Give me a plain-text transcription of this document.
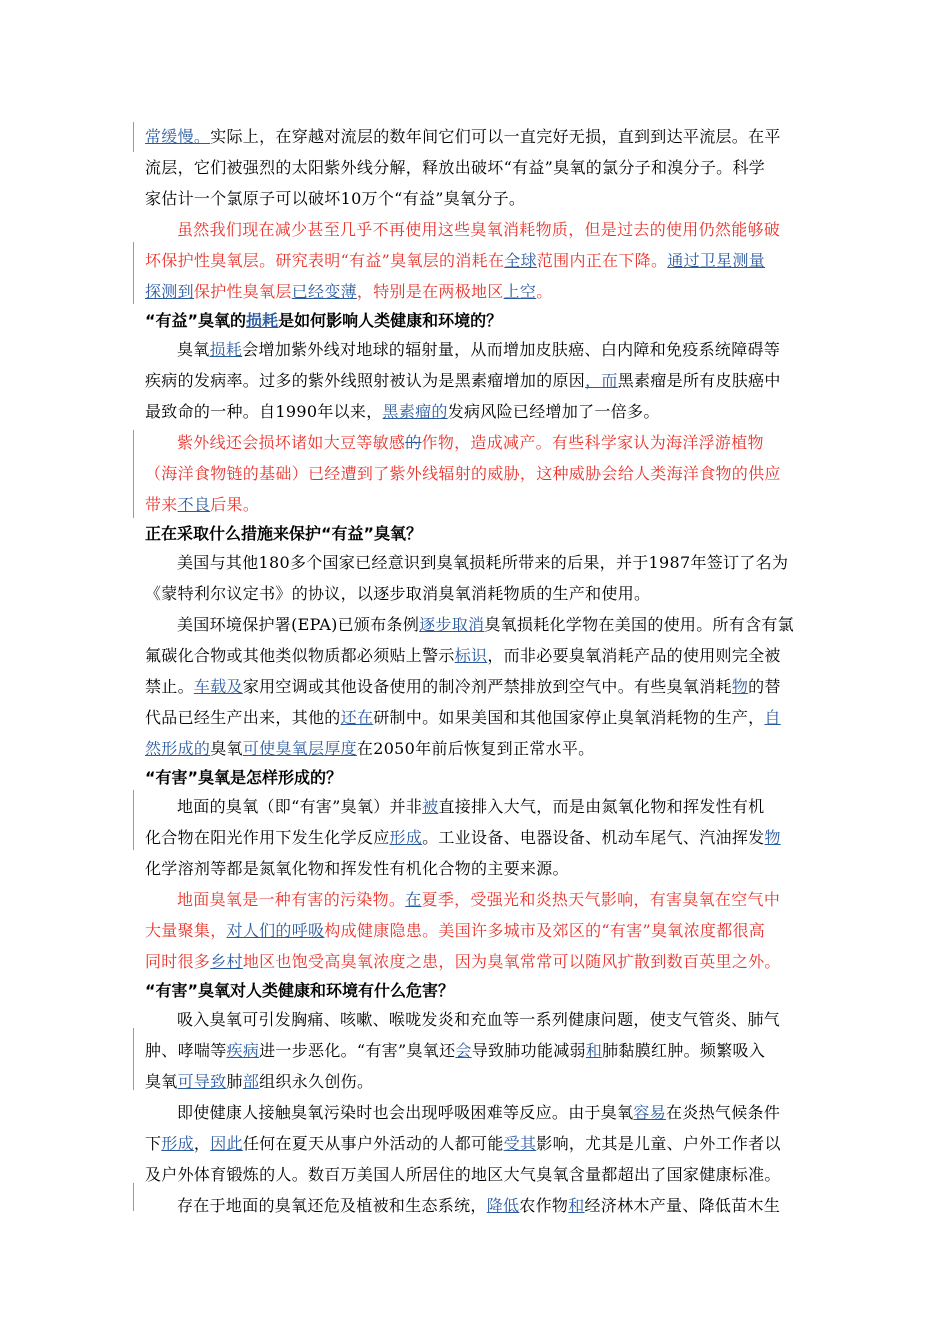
常缓慢。实际上，在穿越对流层的数年间它们可以一直完好无损，直到到达平流层。在平
流层，它们被强烈的太阳紫外线分解，释放出破坏“有益”臭氧的氯分子和溴分子。科学
家估计一个氯原子可以破坏10万个“有益”臭氧分子。
虽然我们现在减少甚至几乎不再使用这些臭氧消耗物质，但是过去的使用仍然能够破
坏保护性臭氧层。研究表明“有益”臭氧层的消耗在全球范围内正在下降。通过卫星测量
探测到保护性臭氧层已经变薄，特别是在两极地区上空。
“有益”臭氧的损耗是如何影响人类健康和环境的？
臭氧损耗会增加紫外线对地球的辐射量，从而增加皮肤癌、白内障和免疫系统障碍等
疾病的发病率。过多的紫外线照射被认为是黑素瘤增加的原因，而黑素瘤是所有皮肤癌中
最致命的一种。自1990年以来，黑素瘤的发病风险已经增加了一倍多。
紫外线还会损坏诸如大豆等敏感的作物，造成减产。有些科学家认为海洋浮游植物
（海洋食物链的基础）已经遭到了紫外线辐射的威胁，这种威胁会给人类海洋食物的供应
带来不良后果。
正在采取什么措施来保护“有益”臭氧？
美国与其他180多个国家已经意识到臭氧损耗所带来的后果，并于1987年签订了名为
《蒙特利尔议定书》的协议，以逐步取消臭氧消耗物质的生产和使用。
美国环境保护署(EPA)已颁布条例逐步取消臭氧损耗化学物在美国的使用。所有含有氯
氟碳化合物或其他类似物质都必须贴上警示标识，而非必要臭氧消耗产品的使用则完全被
禁止。车载及家用空调或其他设备使用的制冷剂严禁排放到空气中。有些臭氧消耗物的替
代品已经生产出来，其他的还在研制中。如果美国和其他国家停止臭氧消耗物的生产，自
然形成的臭氧可使臭氧层厚度在2050年前后恢复到正常水平。
“有害”臭氧是怎样形成的？
地面的臭氧（即“有害”臭氧）并非被直接排入大气，而是由氮氧化物和挥发性有机
化合物在阳光作用下发生化学反应形成。工业设备、电器设备、机动车尾气、汽油挥发物
化学溶剂等都是氮氧化物和挥发性有机化合物的主要来源。
地面臭氧是一种有害的污染物。在夏季，受强光和炎热天气影响，有害臭氧在空气中
大量聚集，对人们的呼吸构成健康隐患。美国许多城市及郊区的“有害”臭氧浓度都很高
同时很多乡村地区也饱受高臭氧浓度之患，因为臭氧常常可以随风扩散到数百英里之外。
“有害”臭氧对人类健康和环境有什么危害？
吸入臭氧可引发胸痛、咳嗽、喉咙发炎和充血等一系列健康问题，使支气管炎、肺气
肿、哮喘等疾病进一步恶化。“有害”臭氧还会导致肺功能减弱和肺黏膜红肿。频繁吸入
臭氧可导致肺部组织永久创伤。
即使健康人接触臭氧污染时也会出现呼吸困难等反应。由于臭氧容易在炎热气候条件
下形成，因此任何在夏天从事户外活动的人都可能受其影响，尤其是儿童、户外工作者以
及户外体育锻炼的人。数百万美国人所居住的地区大气臭氧含量都超出了国家健康标准。
存在于地面的臭氧还危及植被和生态系统，降低农作物和经济林木产量、降低苗木生
